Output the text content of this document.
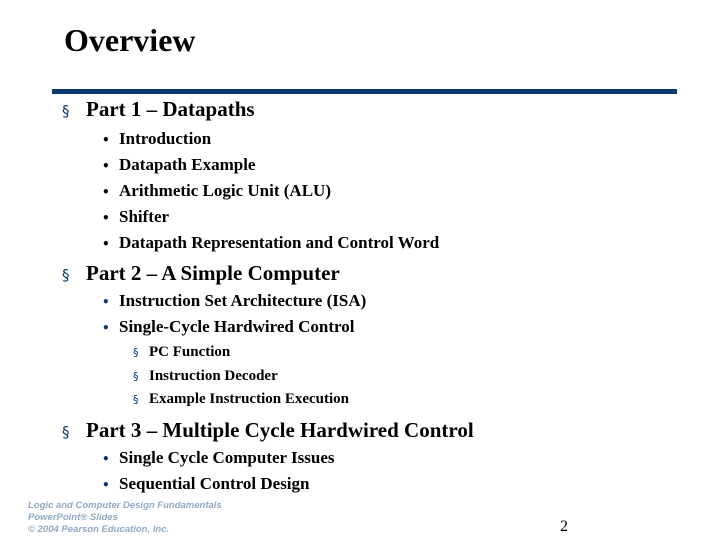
Overview
§ Part 1 – Datapaths
• Introduction
• Datapath Example
• Arithmetic Logic Unit (ALU)
• Shifter
• Datapath Representation and Control Word
§ Part 2 – A Simple Computer
• Instruction Set Architecture (ISA)
• Single-Cycle Hardwired Control
§ PC Function
§ Instruction Decoder
§ Example Instruction Execution
§ Part 3 – Multiple Cycle Hardwired Control
• Single Cycle Computer Issues
• Sequential Control Design
Logic and Computer Design Fundamentals
PowerPoint® Slides
© 2004 Pearson Education, Inc.	2
